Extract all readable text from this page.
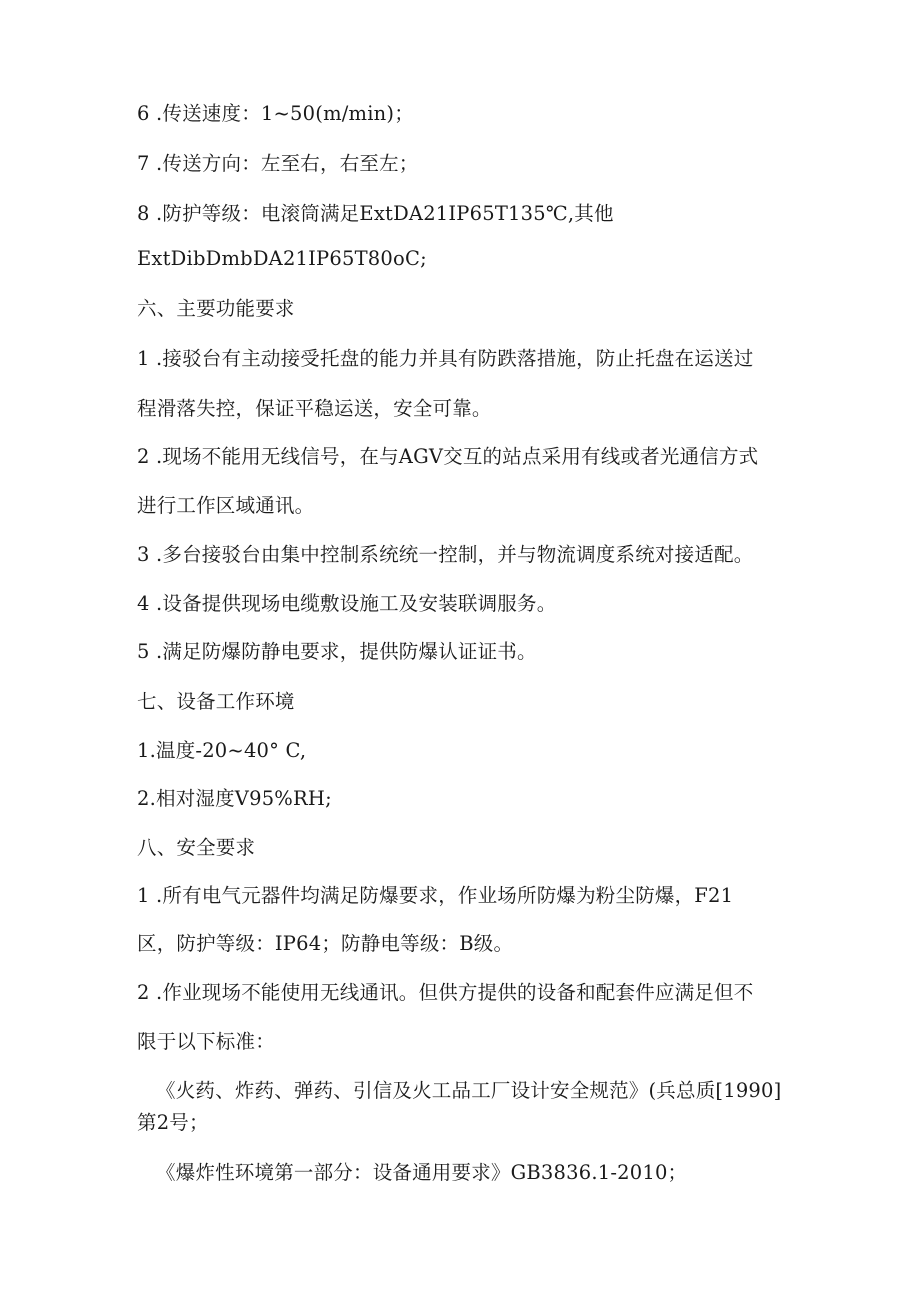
6 .传送速度：1~50(m/min)；
7 .传送方向：左至右，右至左；
8 .防护等级：电滚筒满足ExtDA21IP65T135℃,其他
ExtDibDmbDA21IP65T80oC;
六、主要功能要求
1 .接驳台有主动接受托盘的能力并具有防跌落措施，防止托盘在运送过
程滑落失控，保证平稳运送，安全可靠。
2 .现场不能用无线信号，在与AGV交互的站点采用有线或者光通信方式
进行工作区域通讯。
3 .多台接驳台由集中控制系统统一控制，并与物流调度系统对接适配。
4 .设备提供现场电缆敷设施工及安装联调服务。
5 .满足防爆防静电要求，提供防爆认证证书。
七、设备工作环境
1.温度-20~40° C,
2.相对湿度V95%RH;
八、安全要求
1 .所有电气元器件均满足防爆要求，作业场所防爆为粉尘防爆，F21
区，防护等级：IP64；防静电等级：B级。
2 .作业现场不能使用无线通讯。但供方提供的设备和配套件应满足但不
限于以下标准：
《火药、炸药、弹药、引信及火工品工厂设计安全规范》(兵总质[1990]
第2号；
《爆炸性环境第一部分：设备通用要求》GB3836.1-2010；
